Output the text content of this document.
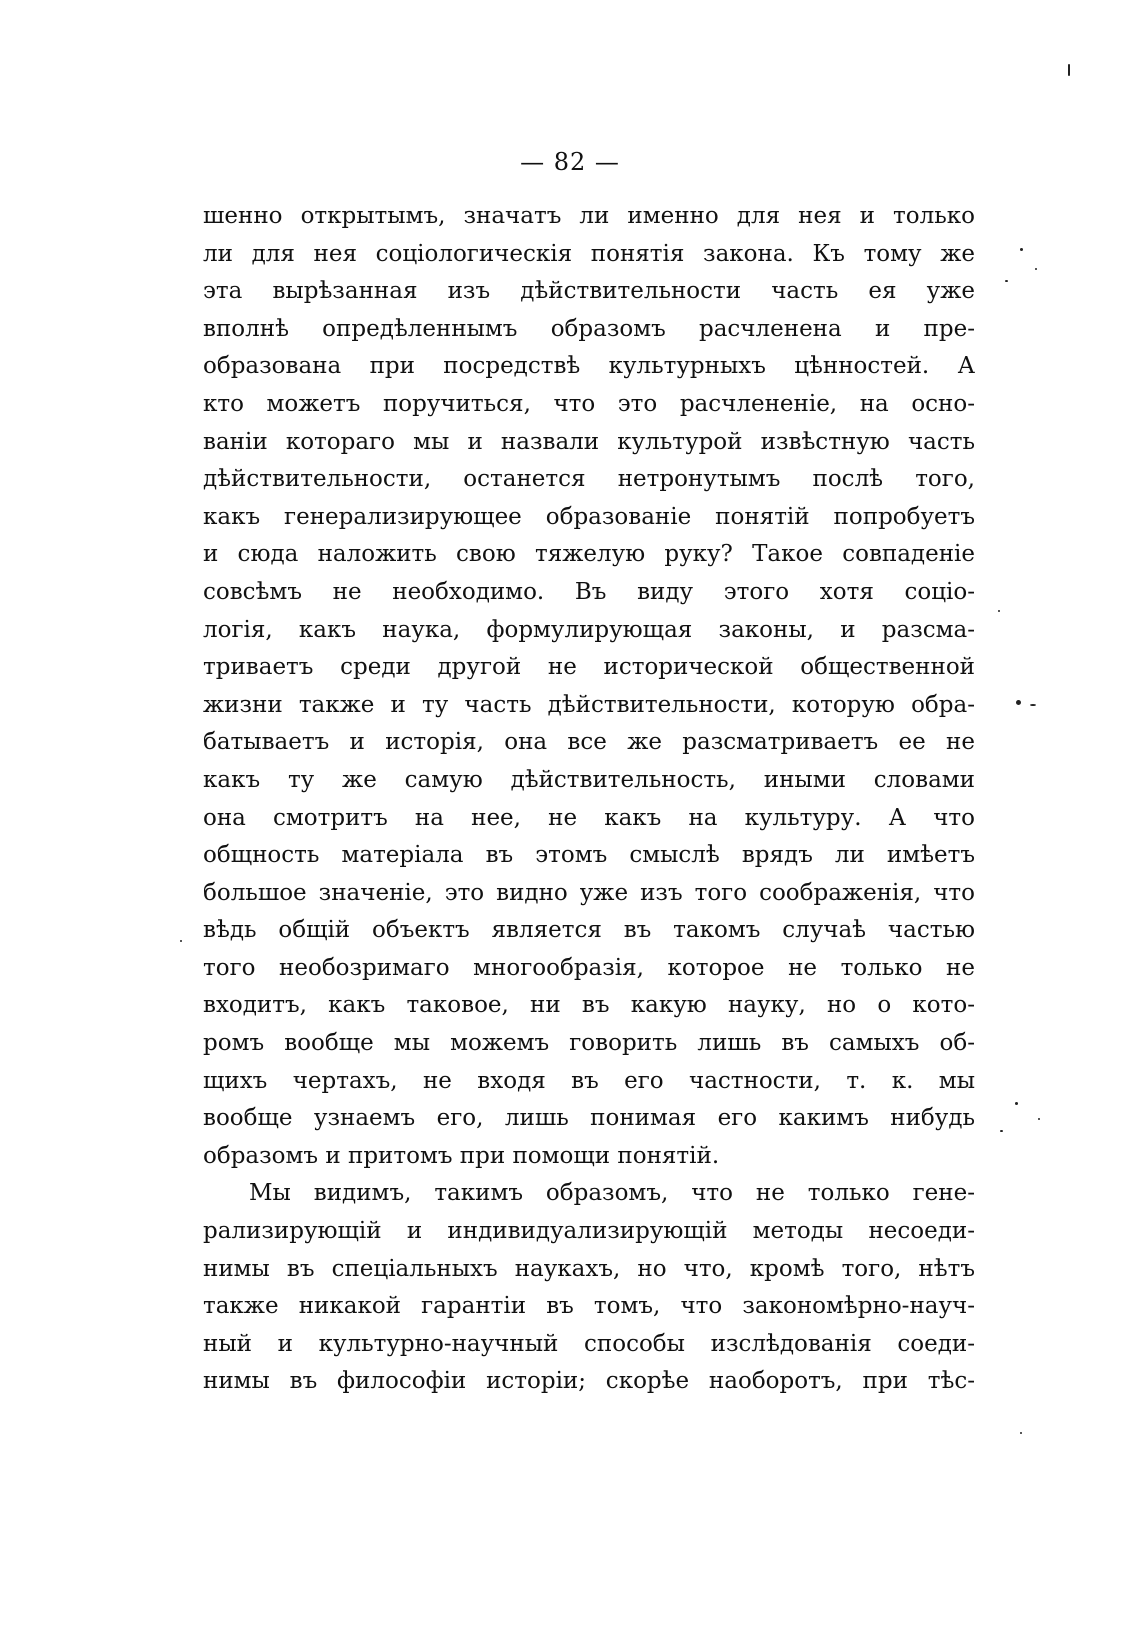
— 82 —
шенно открытымъ, значатъ ли именно для нея и только
ли для нея соціологическія понятія закона. Къ тому же
эта вырѣзанная изъ дѣйствительности часть ея уже
вполнѣ опредѣленнымъ образомъ расчленена и пре-
образована при посредствѣ культурныхъ цѣнностей. А
кто можетъ поручиться, что это расчлененіе, на осно-
ваніи котораго мы и назвали культурой извѣстную часть
дѣйствительности, останется нетронутымъ послѣ того,
какъ генерализирующее образованіе понятій попробуетъ
и сюда наложить свою тяжелую руку? Такое совпаденіе
совсѣмъ не необходимо. Въ виду этого хотя соціо-
логія, какъ наука, формулирующая законы, и разсма-
триваетъ среди другой не исторической общественной
жизни также и ту часть дѣйствительности, которую обра-
батываетъ и исторія, она все же разсматриваетъ ее не
какъ ту же самую дѣйствительность, иными словами
она смотритъ на нее, не какъ на культуру. А что
общность матеріала въ этомъ смыслѣ врядъ ли имѣетъ
большое значеніе, это видно уже изъ того соображенія, что
вѣдь общій объектъ является въ такомъ случаѣ частью
того необозримаго многообразія, которое не только не
входитъ, какъ таковое, ни въ какую науку, но о кото-
ромъ вообще мы можемъ говорить лишь въ самыхъ об-
щихъ чертахъ, не входя въ его частности, т. к. мы
вообще узнаемъ его, лишь понимая его какимъ нибудь
образомъ и притомъ при помощи понятій.
Мы видимъ, такимъ образомъ, что не только гене-
рализирующій и индивидуализирующій методы несоеди-
нимы въ спеціальныхъ наукахъ, но что, кромѣ того, нѣтъ
также никакой гарантіи въ томъ, что закономѣрно-науч-
ный и культурно-научный способы изслѣдованія соеди-
нимы въ философіи исторіи; скорѣе наоборотъ, при тѣс-
